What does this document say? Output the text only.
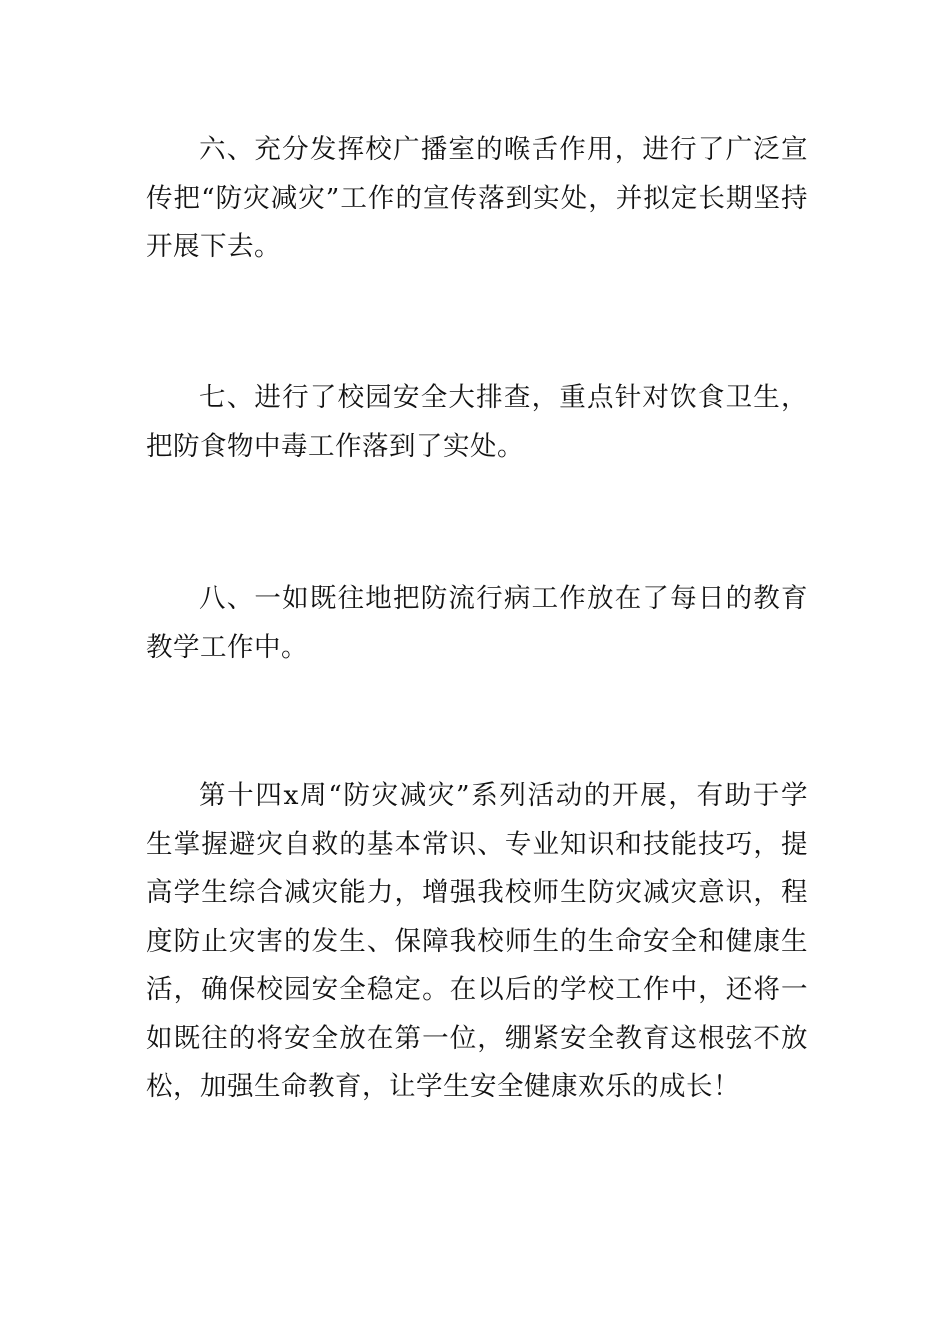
六、充分发挥校广播室的喉舌作用，进行了广泛宣传把“防灾减灾”工作的宣传落到实处，并拟定长期坚持开展下去。

七、进行了校园安全大排查，重点针对饮食卫生，把防食物中毒工作落到了实处。

八、一如既往地把防流行病工作放在了每日的教育教学工作中。

第十四x周“防灾减灾”系列活动的开展，有助于学生掌握避灾自救的基本常识、专业知识和技能技巧，提高学生综合减灾能力，增强我校师生防灾减灾意识，程度防止灾害的发生、保障我校师生的生命安全和健康生活，确保校园安全稳定。在以后的学校工作中，还将一如既往的将安全放在第一位，绷紧安全教育这根弦不放松，加强生命教育，让学生安全健康欢乐的成长！
